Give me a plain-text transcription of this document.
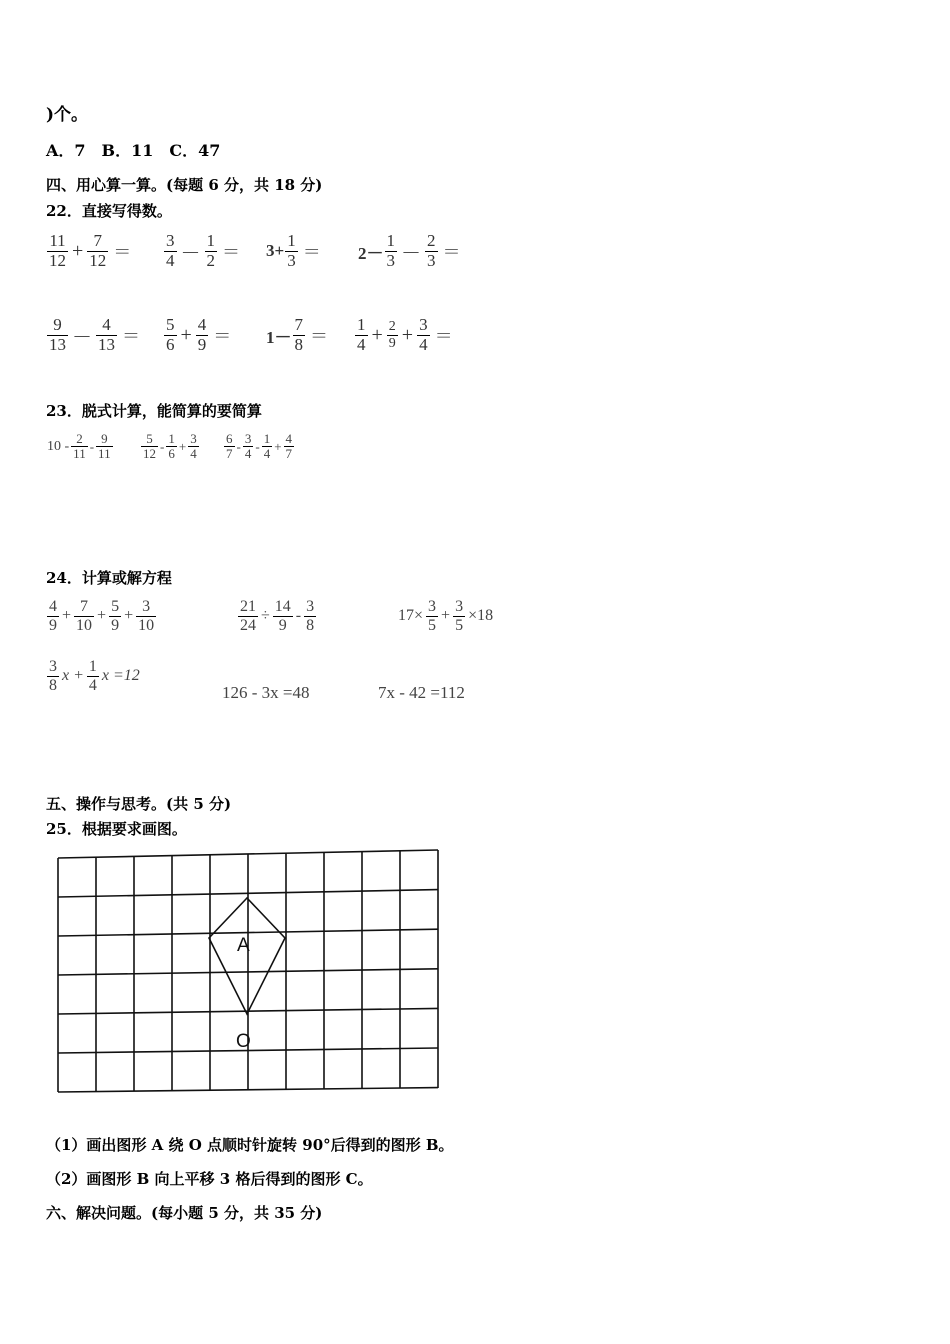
)个。
A．7　B．11　C．47
四、用心算一算。(每题 6 分，共 18 分)
22．直接写得数。
$\frac{11}{12} + \frac{7}{12} = \frac{3}{4} - \frac{1}{2} = 3+ \frac{1}{3} = 2- \frac{1}{3} - \frac{2}{3}$ ＝
$\frac{9}{13} - \frac{4}{13} = \frac{5}{6} + \frac{4}{9} = 1- \frac{7}{8} = \frac{1}{4} + \frac{2}{9} + \frac{3}{4}$ ＝
23．脱式计算，能简算的要简算
$10 - \frac{2}{11} - \frac{9}{11} \frac{5}{12} - \frac{1}{6} + \frac{3}{4} \frac{6}{7} - \frac{3}{4} - \frac{1}{4} + \frac{4}{7}$
24．计算或解方程
$\frac{4}{9} + \frac{7}{10} + \frac{5}{9} + \frac{3}{10}$	$\frac{21}{24} \div \frac{14}{9} - \frac{3}{8}$	$17\times \frac{3}{5} + \frac{3}{5} \times 18$
$\frac{3}{8}$ $x + \frac{1}{4}$ x =12
126 - 3x =48	7x - 42 =112
五、操作与思考。(共 5 分)
25．根据要求画图。
A
O
（1）画出图形 A 绕 O 点顺时针旋转 90°后得到的图形 B。
（2）画图形 B 向上平移 3 格后得到的图形 C。
六、解决问题。(每小题 5 分，共 35 分)
